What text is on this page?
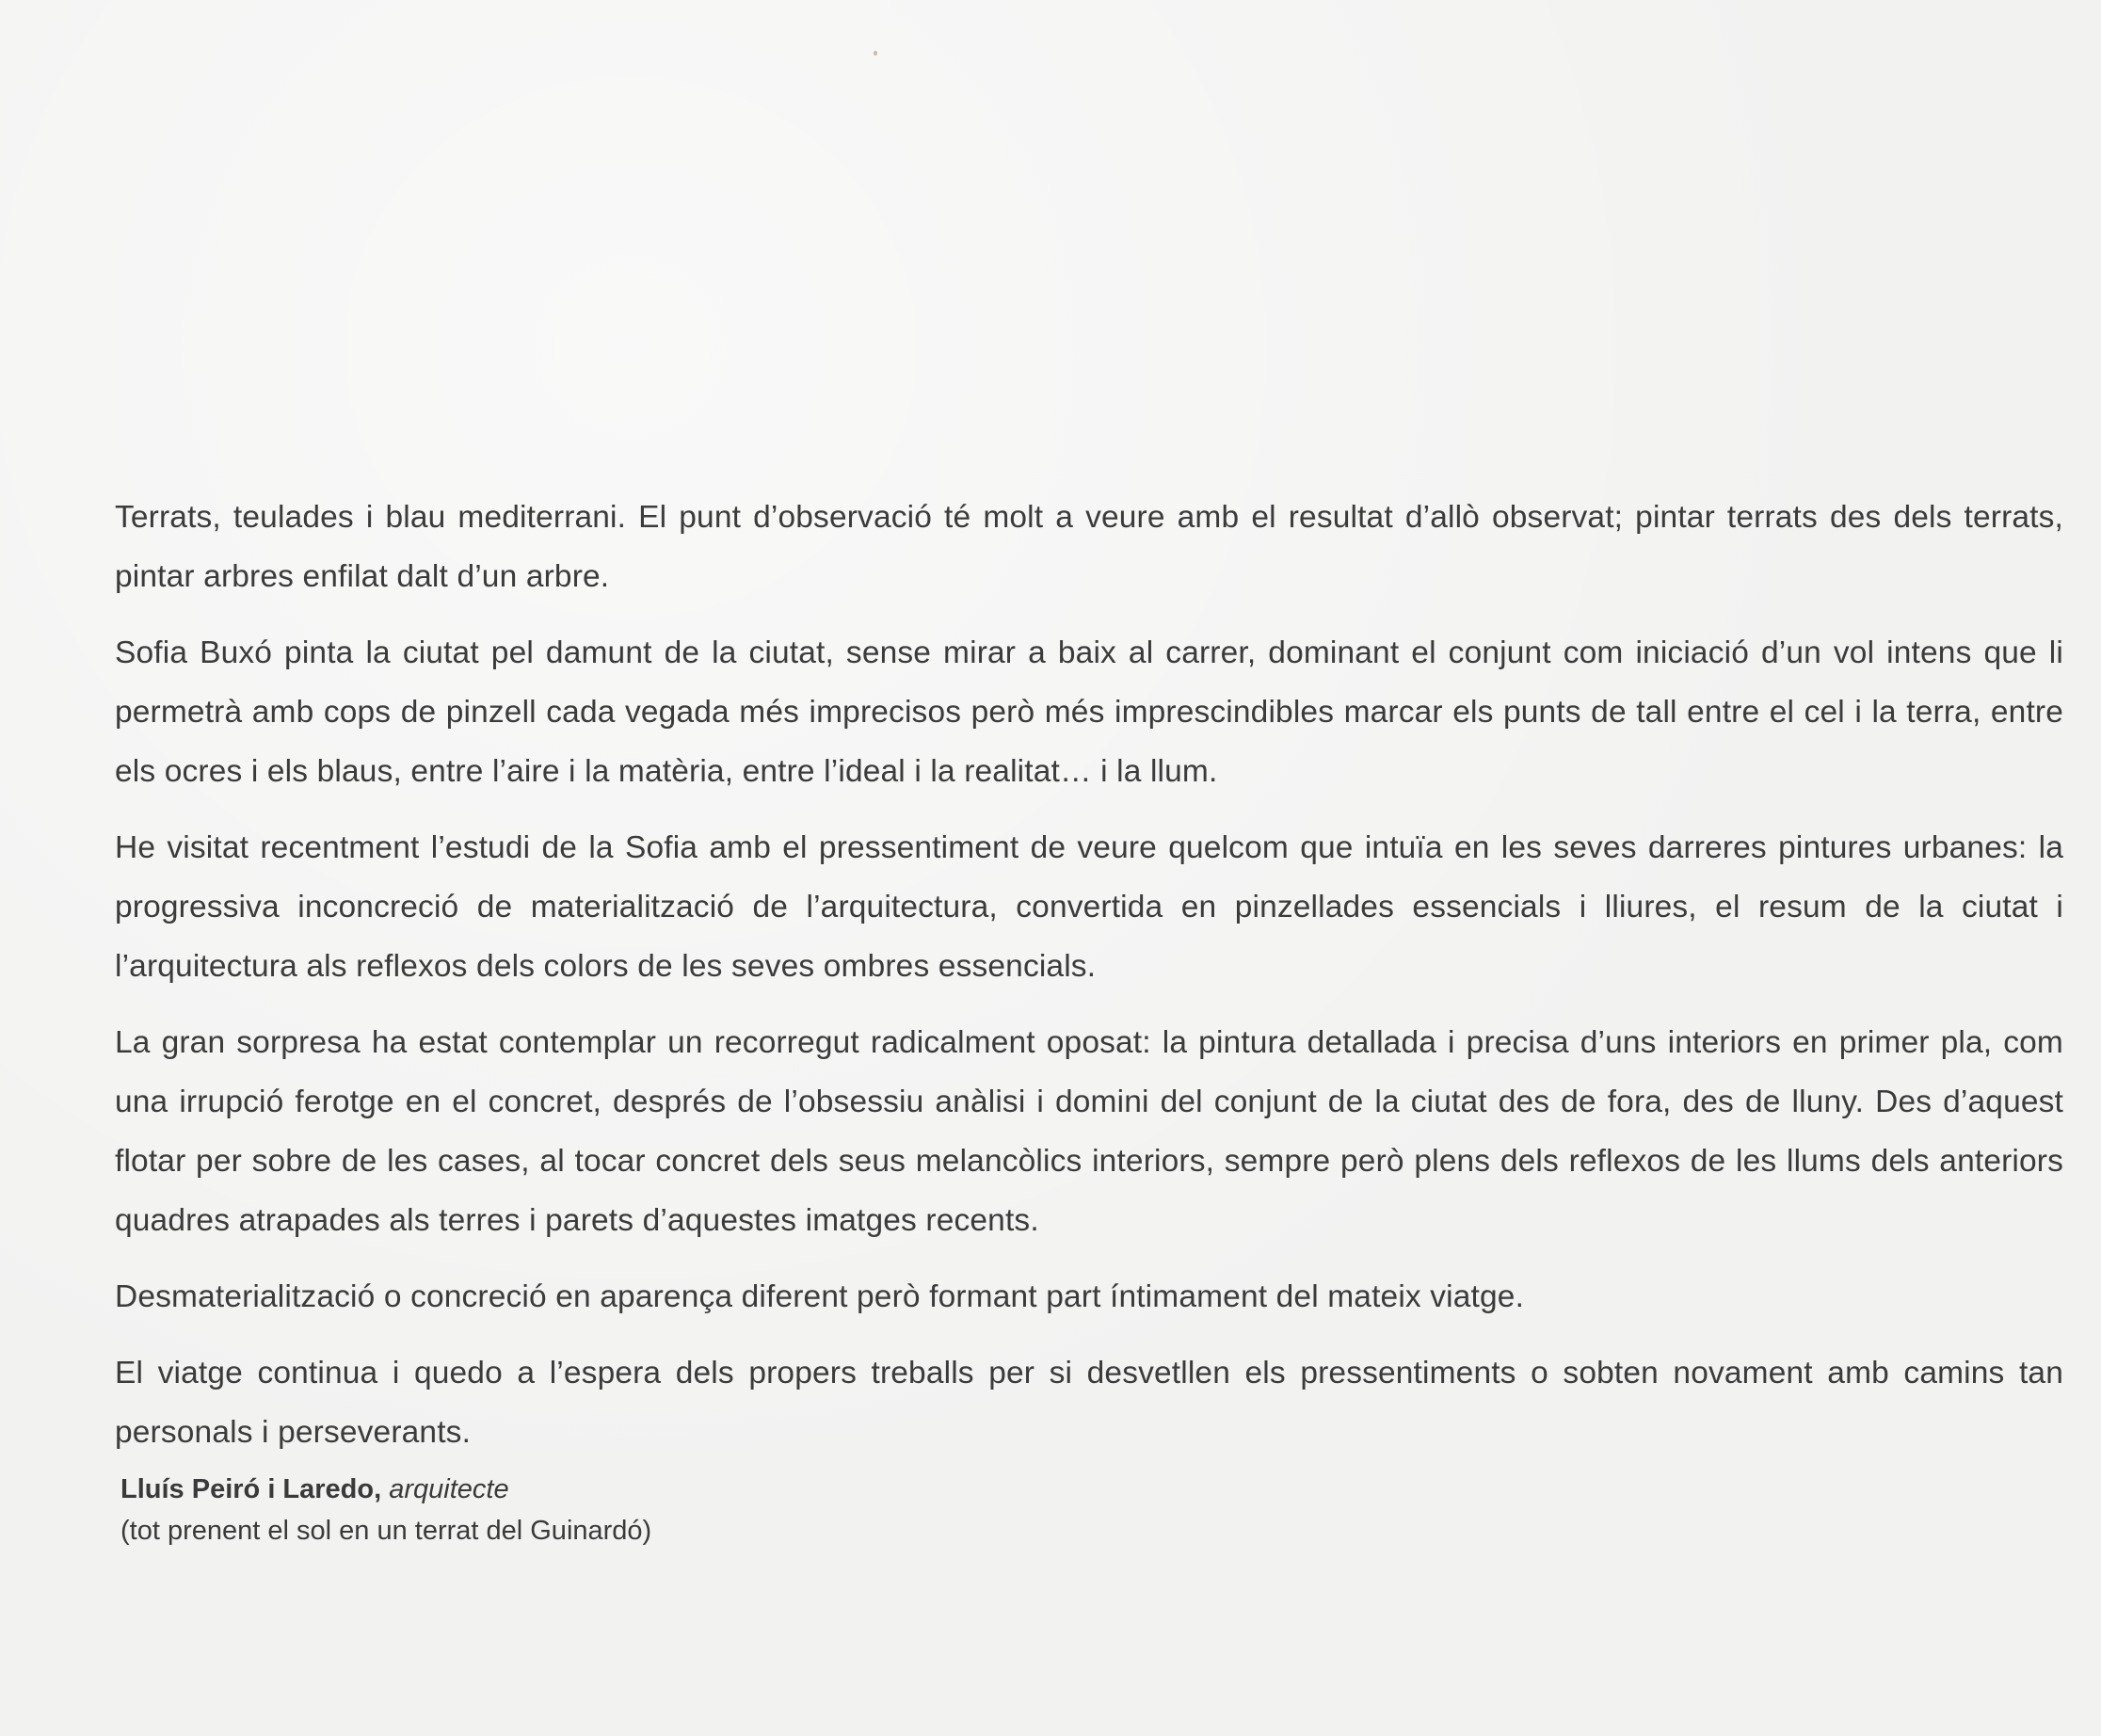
Terrats, teulades i blau mediterrani. El punt d’observació té molt a veure amb el resultat d’allò observat; pintar terrats des dels terrats, pintar arbres enfilat dalt d’un arbre.

Sofia Buxó pinta la ciutat pel damunt de la ciutat, sense mirar a baix al carrer, dominant el conjunt com iniciació d’un vol intens que li permetrà amb cops de pinzell cada vegada més imprecisos però més imprescindibles marcar els punts de tall entre el cel i la terra, entre els ocres i els blaus, entre l’aire i la matèria, entre l’ideal i la realitat… i la llum.

He visitat recentment l’estudi de la Sofia amb el pressentiment de veure quelcom que intuïa en les seves darreres pintures urbanes: la progressiva inconcreció de materialització de l’arquitectura, convertida en pinzellades essencials i lliures, el resum de la ciutat i l’arquitectura als reflexos dels colors de les seves ombres essencials.

La gran sorpresa ha estat contemplar un recorregut radicalment oposat: la pintura detallada i precisa d’uns interiors en primer pla, com una irrupció ferotge en el concret, després de l’obsessiu anàlisi i domini del conjunt de la ciutat des de fora, des de lluny. Des d’aquest flotar per sobre de les cases, al tocar concret dels seus melancòlics interiors, sempre però plens dels reflexos de les llums dels anteriors quadres atrapades als terres i parets d’aquestes imatges recents.

Desmaterialització o concreció en aparença diferent però formant part íntimament del mateix viatge.

El viatge continua i quedo a l’espera dels propers treballs per si desvetllen els pressentiments o sobten novament amb camins tan personals i perseverants.

Lluís Peiró i Laredo, arquitecte
(tot prenent el sol en un terrat del Guinardó)
